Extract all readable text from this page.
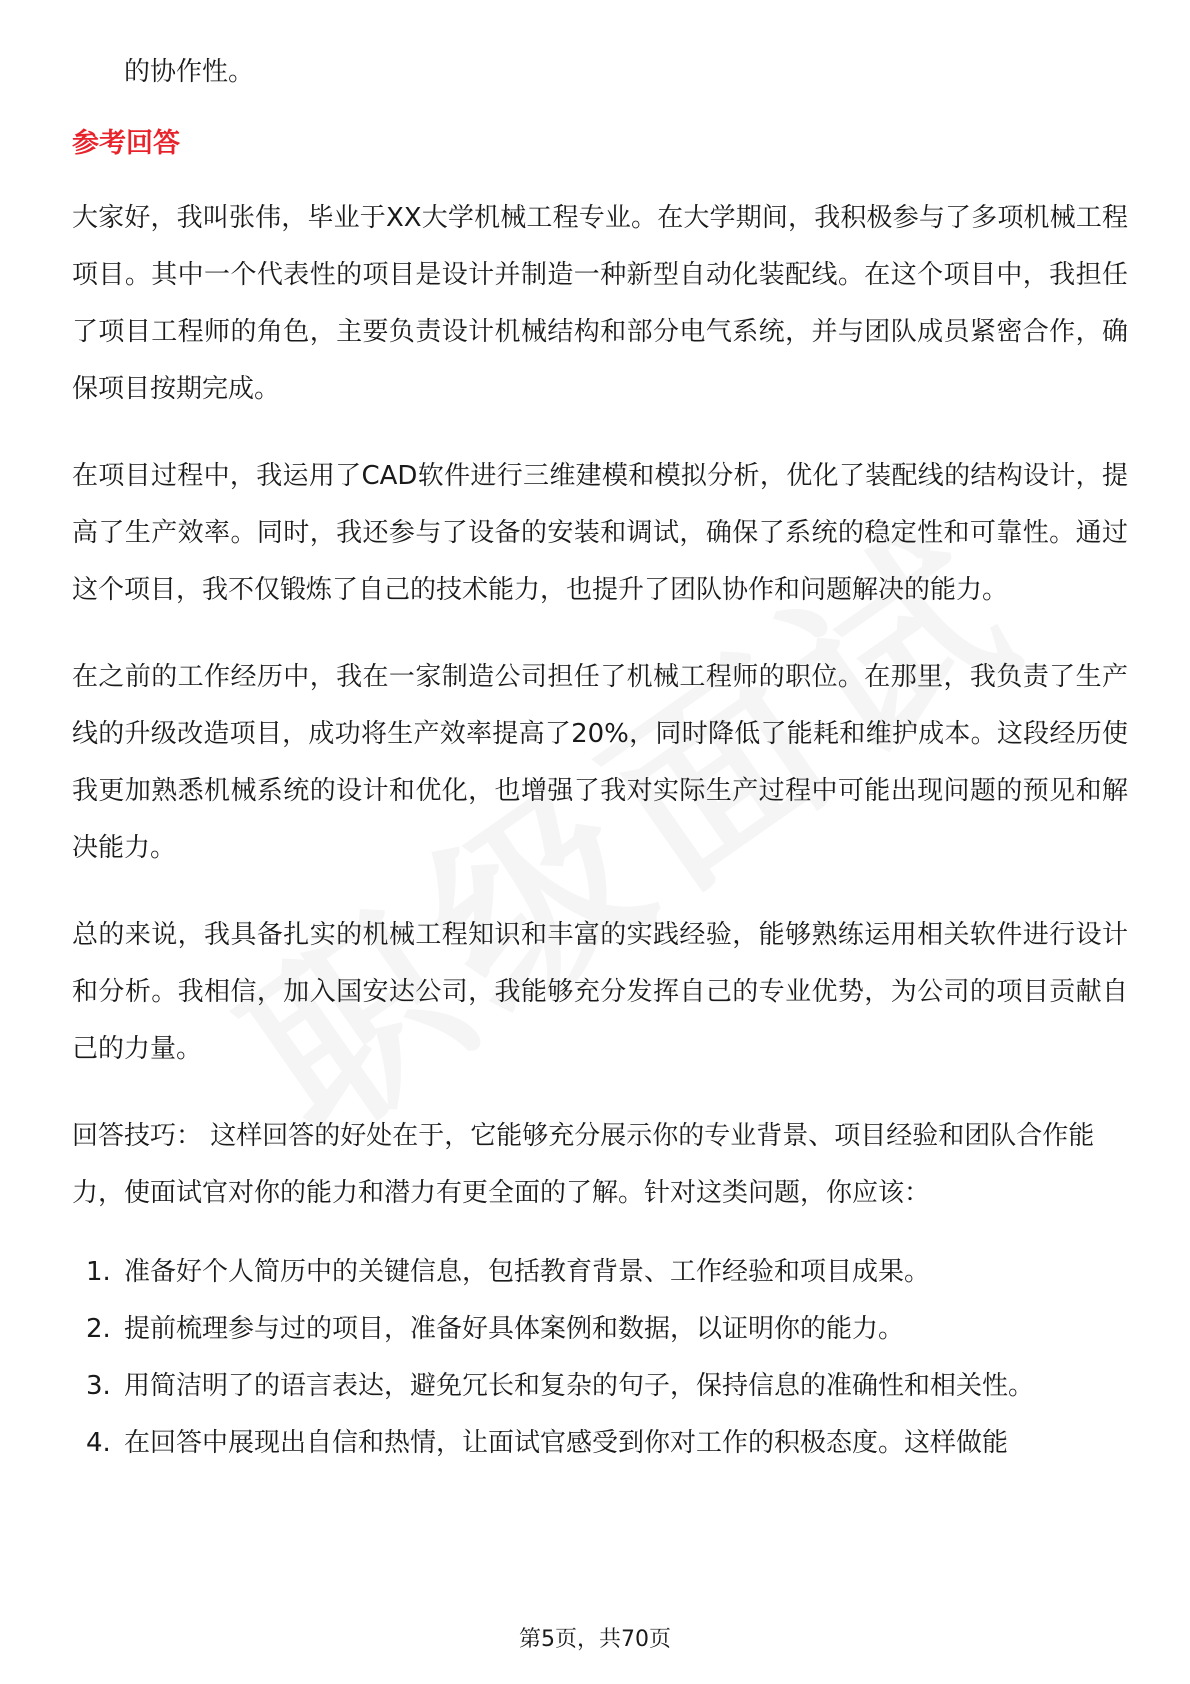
的协作性。

参考回答

大家好，我叫张伟，毕业于XX大学机械工程专业。在大学期间，我积极参与了多项机械工程项目。其中一个代表性的项目是设计并制造一种新型自动化装配线。在这个项目中，我担任了项目工程师的角色，主要负责设计机械结构和部分电气系统，并与团队成员紧密合作，确保项目按期完成。

在项目过程中，我运用了CAD软件进行三维建模和模拟分析，优化了装配线的结构设计，提高了生产效率。同时，我还参与了设备的安装和调试，确保了系统的稳定性和可靠性。通过这个项目，我不仅锻炼了自己的技术能力，也提升了团队协作和问题解决的能力。

在之前的工作经历中，我在一家制造公司担任了机械工程师的职位。在那里，我负责了生产线的升级改造项目，成功将生产效率提高了20%，同时降低了能耗和维护成本。这段经历使我更加熟悉机械系统的设计和优化，也增强了我对实际生产过程中可能出现问题的预见和解决能力。

总的来说，我具备扎实的机械工程知识和丰富的实践经验，能够熟练运用相关软件进行设计和分析。我相信，加入国安达公司，我能够充分发挥自己的专业优势，为公司的项目贡献自己的力量。

回答技巧： 这样回答的好处在于，它能够充分展示你的专业背景、项目经验和团队合作能力，使面试官对你的能力和潜力有更全面的了解。针对这类问题，你应该：

1. 准备好个人简历中的关键信息，包括教育背景、工作经验和项目成果。
2. 提前梳理参与过的项目，准备好具体案例和数据，以证明你的能力。
3. 用简洁明了的语言表达，避免冗长和复杂的句子，保持信息的准确性和相关性。
4. 在回答中展现出自信和热情，让面试官感受到你对工作的积极态度。这样做能
第5页，共70页
